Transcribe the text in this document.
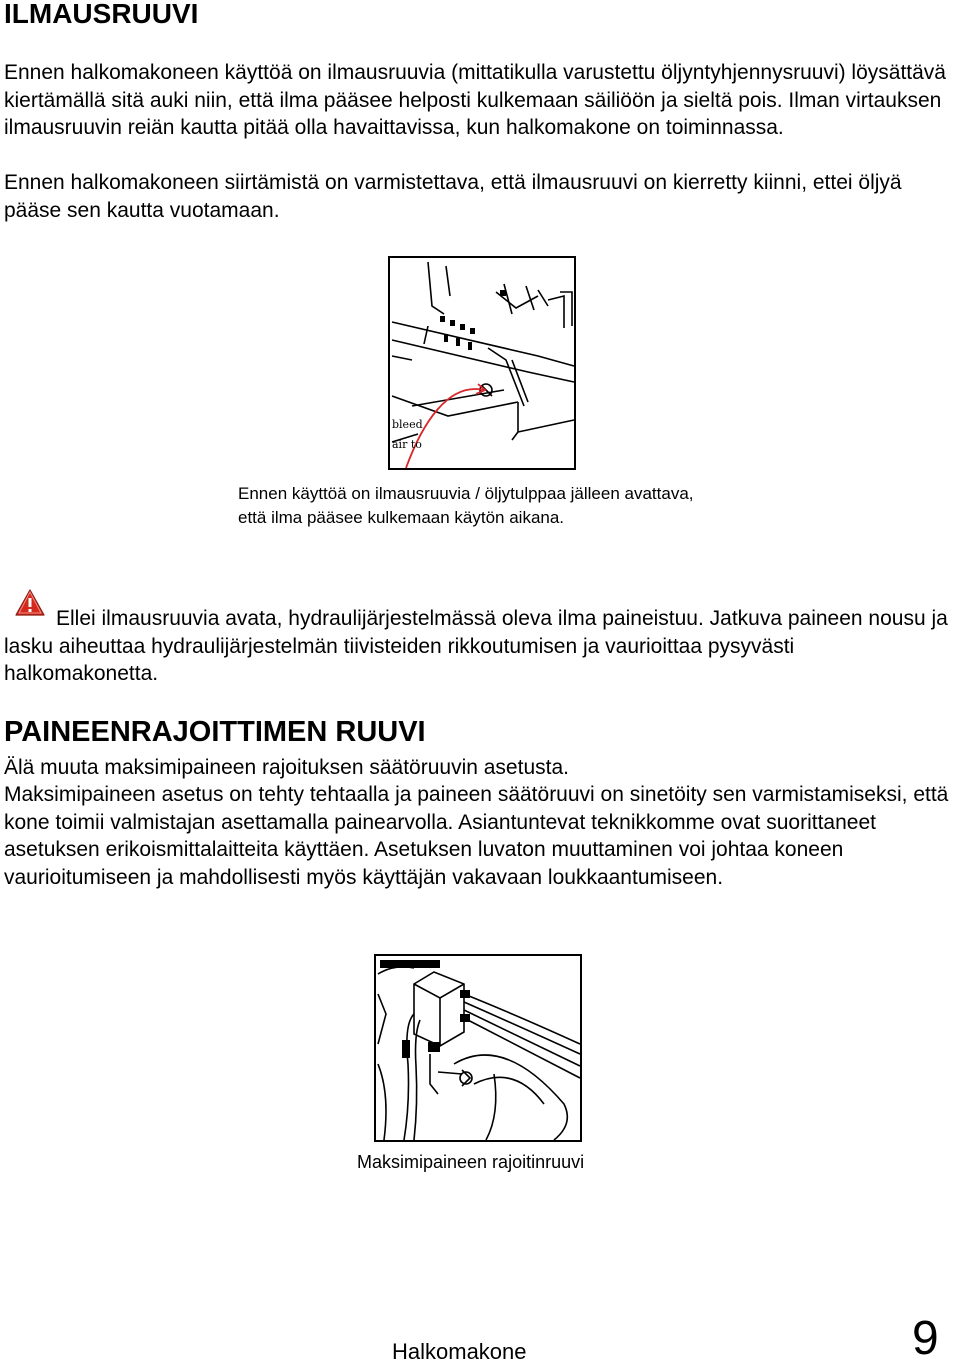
ILMAUSRUUVI

Ennen halkomakoneen käyttöä on ilmausruuvia (mittatikulla varustettu öljyntyhjennysruuvi) löysättävä kiertämällä sitä auki niin, että ilma pääsee helposti kulkemaan säiliöön ja sieltä pois. Ilman virtauksen ilmausruuvin reiän kautta pitää olla havaittavissa, kun halkomakone on toiminnassa.

Ennen halkomakoneen siirtämistä on varmistettava, että ilmausruuvi on kierretty kiinni, ettei öljyä pääse sen kautta vuotamaan.

bleed
air to

Ennen käyttöä on ilmausruuvia / öljytulppaa jälleen avattava,
että ilma pääsee kulkemaan käytön aikana.

Ellei ilmausruuvia avata, hydraulijärjestelmässä oleva ilma paineistuu. Jatkuva paineen nousu ja lasku aiheuttaa hydraulijärjestelmän tiivisteiden rikkoutumisen ja vaurioittaa pysyvästi halkomakonetta.

PAINEENRAJOITTIMEN RUUVI

Älä muuta maksimipaineen rajoituksen säätöruuvin asetusta.

Maksimipaineen asetus on tehty tehtaalla ja paineen säätöruuvi on sinetöity sen varmistamiseksi, että kone toimii valmistajan asettamalla painearvolla. Asiantuntevat teknikkomme ovat suorittaneet asetuksen erikoismittalaitteita käyttäen. Asetuksen luvaton muuttaminen voi johtaa koneen vaurioitumiseen ja mahdollisesti myös käyttäjän vakavaan loukkaantumiseen.

Maksimipaineen rajoitinruuvi
Halkomakone	9
